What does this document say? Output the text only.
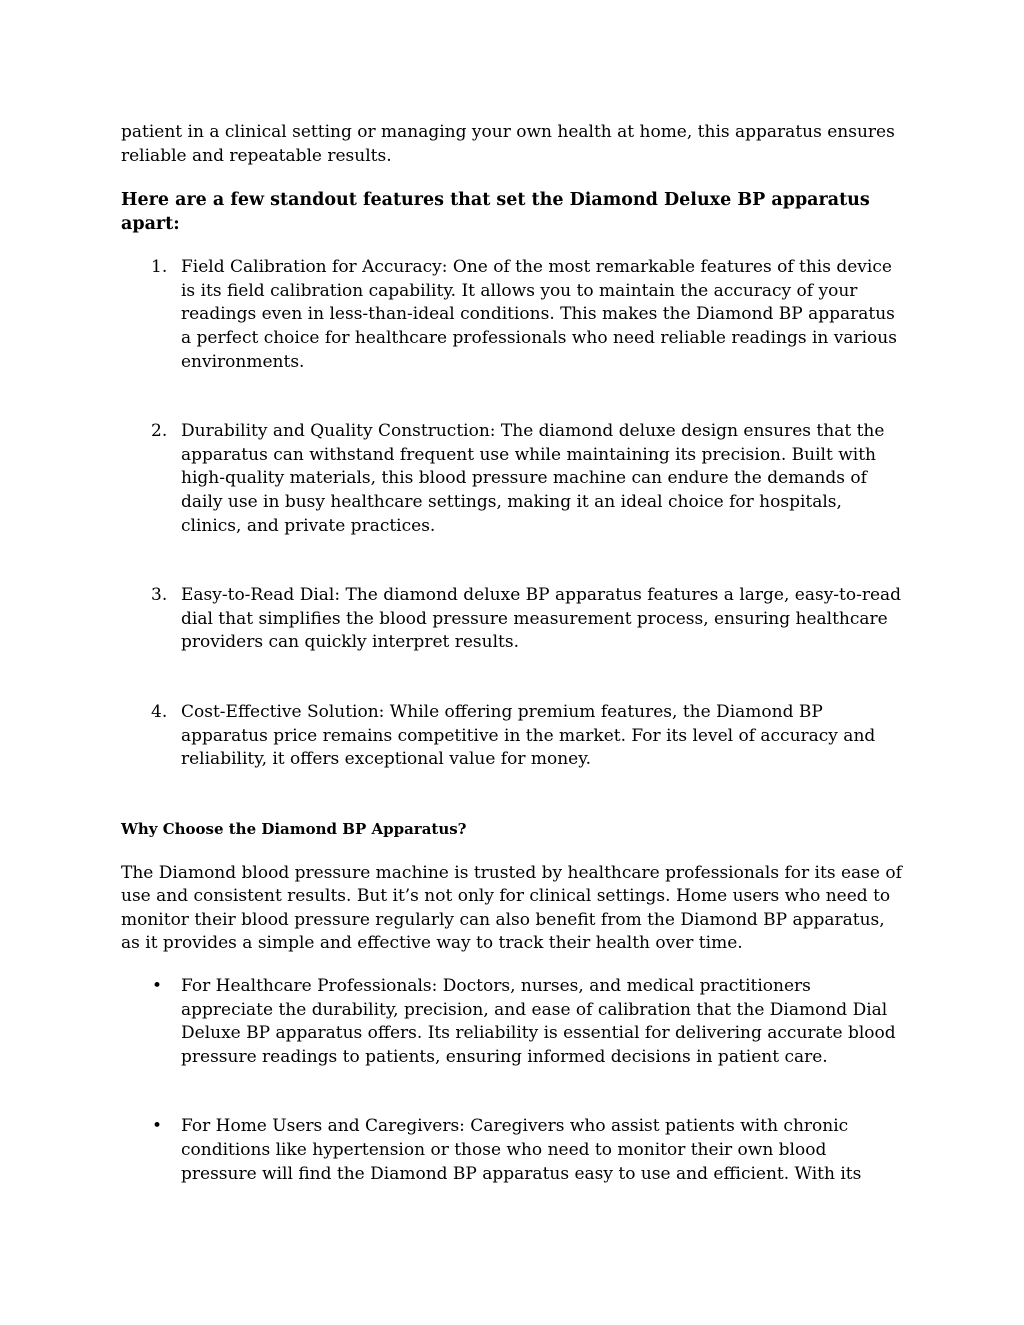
patient in a clinical setting or managing your own health at home, this apparatus ensures reliable and repeatable results.

Here are a few standout features that set the Diamond Deluxe BP apparatus apart:

1. Field Calibration for Accuracy: One of the most remarkable features of this device is its field calibration capability. It allows you to maintain the accuracy of your readings even in less-than-ideal conditions. This makes the Diamond BP apparatus a perfect choice for healthcare professionals who need reliable readings in various environments.
2. Durability and Quality Construction: The diamond deluxe design ensures that the apparatus can withstand frequent use while maintaining its precision. Built with high-quality materials, this blood pressure machine can endure the demands of daily use in busy healthcare settings, making it an ideal choice for hospitals, clinics, and private practices.
3. Easy-to-Read Dial: The diamond deluxe BP apparatus features a large, easy-to-read dial that simplifies the blood pressure measurement process, ensuring healthcare providers can quickly interpret results.
4. Cost-Effective Solution: While offering premium features, the Diamond BP apparatus price remains competitive in the market. For its level of accuracy and reliability, it offers exceptional value for money.

Why Choose the Diamond BP Apparatus?

The Diamond blood pressure machine is trusted by healthcare professionals for its ease of use and consistent results. But it’s not only for clinical settings. Home users who need to monitor their blood pressure regularly can also benefit from the Diamond BP apparatus, as it provides a simple and effective way to track their health over time.

• For Healthcare Professionals: Doctors, nurses, and medical practitioners appreciate the durability, precision, and ease of calibration that the Diamond Dial Deluxe BP apparatus offers. Its reliability is essential for delivering accurate blood pressure readings to patients, ensuring informed decisions in patient care.
• For Home Users and Caregivers: Caregivers who assist patients with chronic conditions like hypertension or those who need to monitor their own blood pressure will find the Diamond BP apparatus easy to use and efficient. With its
